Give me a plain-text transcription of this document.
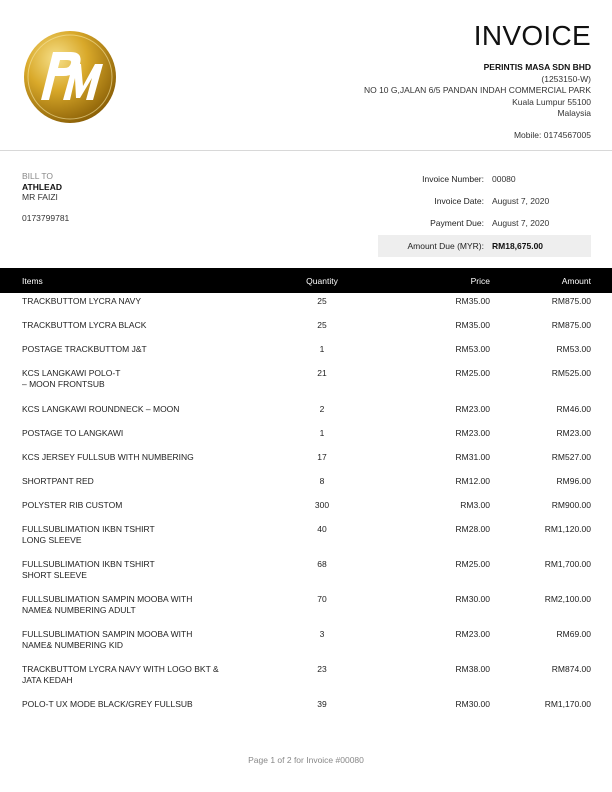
INVOICE
PERINTIS MASA SDN BHD
(1253150-W)
NO 10 G,JALAN 6/5 PANDAN INDAH COMMERCIAL PARK
Kuala Lumpur 55100
Malaysia
Mobile: 0174567005
BILL TO
ATHLEAD
MR FAIZI
0173799781
Invoice Number: 00080
Invoice Date: August 7, 2020
Payment Due: August 7, 2020
Amount Due (MYR): RM18,675.00
Items	Quantity	Price	Amount
TRACKBUTTOM LYCRA NAVY	25	RM35.00	RM875.00
TRACKBUTTOM LYCRA BLACK	25	RM35.00	RM875.00
POSTAGE TRACKBUTTOM J&T	1	RM53.00	RM53.00
KCS LANGKAWI POLO-T
– MOON FRONTSUB
21	RM25.00	RM525.00
KCS LANGKAWI ROUNDNECK – MOON	2	RM23.00	RM46.00
POSTAGE TO LANGKAWI	1	RM23.00	RM23.00
KCS JERSEY FULLSUB WITH NUMBERING	17	RM31.00	RM527.00
SHORTPANT RED	8	RM12.00	RM96.00
POLYSTER RIB CUSTOM	300	RM3.00	RM900.00
FULLSUBLIMATION IKBN TSHIRT
LONG SLEEVE
40	RM28.00	RM1,120.00
FULLSUBLIMATION IKBN TSHIRT
SHORT SLEEVE
68	RM25.00	RM1,700.00
FULLSUBLIMATION SAMPIN MOOBA WITH
NAME& NUMBERING ADULT
70	RM30.00	RM2,100.00
FULLSUBLIMATION SAMPIN MOOBA WITH
NAME& NUMBERING KID
3	RM23.00	RM69.00
TRACKBUTTOM LYCRA NAVY WITH LOGO BKT &
JATA KEDAH
23	RM38.00	RM874.00
POLO-T UX MODE BLACK/GREY FULLSUB	39	RM30.00	RM1,170.00
Page 1 of 2 for Invoice #00080
